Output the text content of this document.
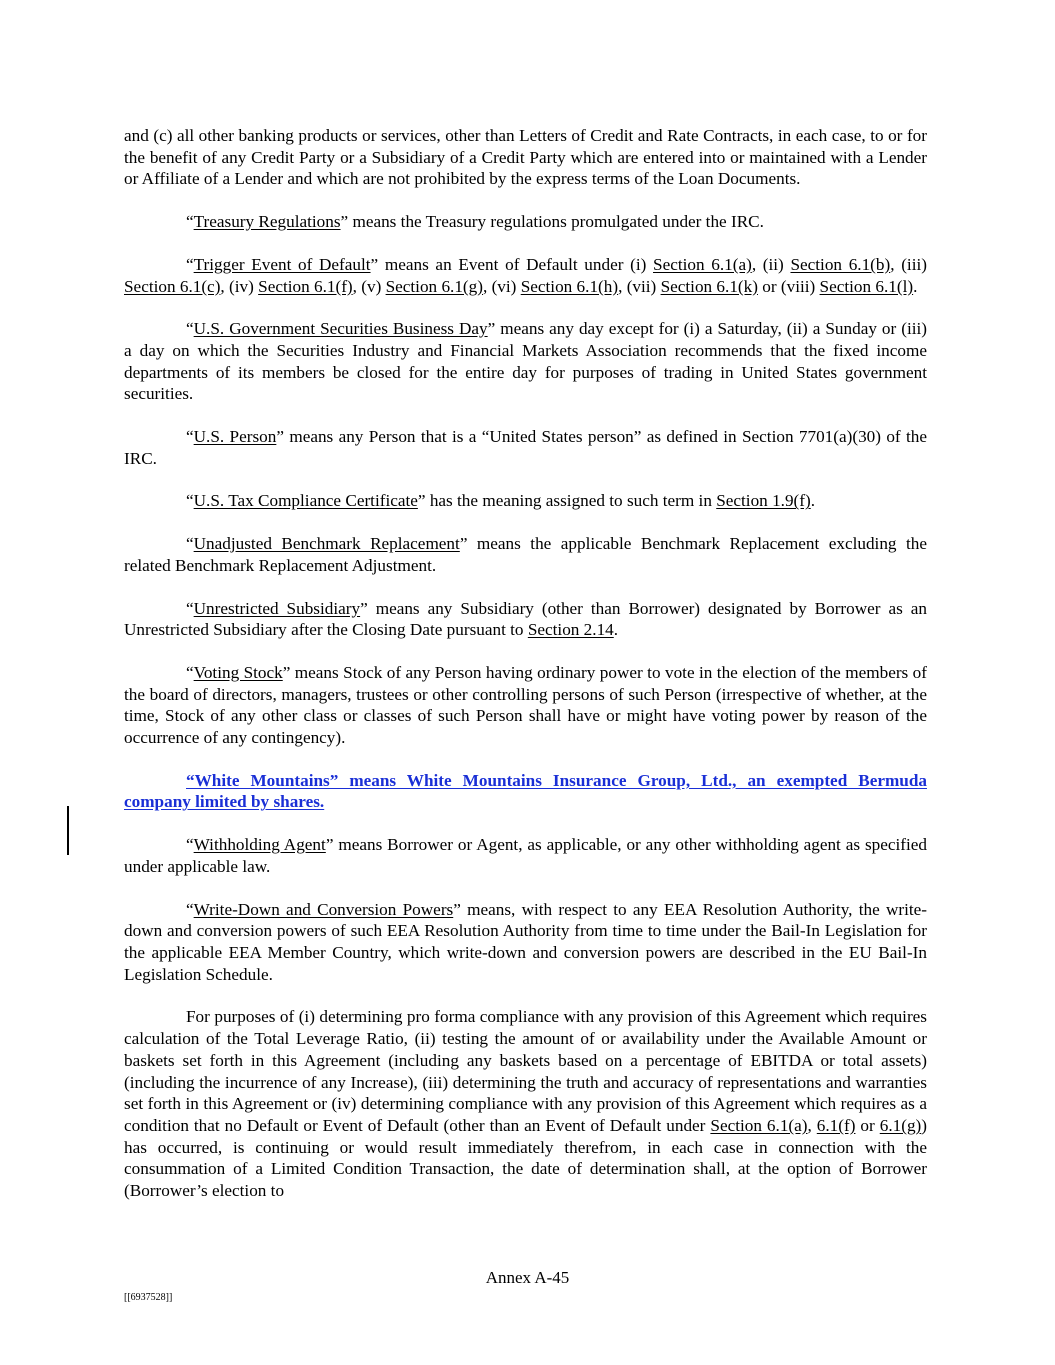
and (c) all other banking products or services, other than Letters of Credit and Rate Contracts, in each case, to or for the benefit of any Credit Party or a Subsidiary of a Credit Party which are entered into or maintained with a Lender or Affiliate of a Lender and which are not prohibited by the express terms of the Loan Documents.

“Treasury Regulations” means the Treasury regulations promulgated under the IRC.

“Trigger Event of Default” means an Event of Default under (i) Section 6.1(a), (ii) Section 6.1(b), (iii) Section 6.1(c), (iv) Section 6.1(f), (v) Section 6.1(g), (vi) Section 6.1(h), (vii) Section 6.1(k) or (viii) Section 6.1(l).

“U.S. Government Securities Business Day” means any day except for (i) a Saturday, (ii) a Sunday or (iii) a day on which the Securities Industry and Financial Markets Association recommends that the fixed income departments of its members be closed for the entire day for purposes of trading in United States government securities.

“U.S. Person” means any Person that is a “United States person” as defined in Section 7701(a)(30) of the IRC.

“U.S. Tax Compliance Certificate” has the meaning assigned to such term in Section 1.9(f).

“Unadjusted Benchmark Replacement” means the applicable Benchmark Replacement excluding the related Benchmark Replacement Adjustment.

“Unrestricted Subsidiary” means any Subsidiary (other than Borrower) designated by Borrower as an Unrestricted Subsidiary after the Closing Date pursuant to Section 2.14.

“Voting Stock” means Stock of any Person having ordinary power to vote in the election of the members of the board of directors, managers, trustees or other controlling persons of such Person (irrespective of whether, at the time, Stock of any other class or classes of such Person shall have or might have voting power by reason of the occurrence of any contingency).

“White Mountains” means White Mountains Insurance Group, Ltd., an exempted Bermuda company limited by shares.

“Withholding Agent” means Borrower or Agent, as applicable, or any other withholding agent as specified under applicable law.

“Write-Down and Conversion Powers” means, with respect to any EEA Resolution Authority, the write-down and conversion powers of such EEA Resolution Authority from time to time under the Bail-In Legislation for the applicable EEA Member Country, which write-down and conversion powers are described in the EU Bail-In Legislation Schedule.

For purposes of (i) determining pro forma compliance with any provision of this Agreement which requires calculation of the Total Leverage Ratio, (ii) testing the amount of or availability under the Available Amount or baskets set forth in this Agreement (including any baskets based on a percentage of EBITDA or total assets) (including the incurrence of any Increase), (iii) determining the truth and accuracy of representations and warranties set forth in this Agreement or (iv) determining compliance with any provision of this Agreement which requires as a condition that no Default or Event of Default (other than an Event of Default under Section 6.1(a), 6.1(f) or 6.1(g)) has occurred, is continuing or would result immediately therefrom, in each case in connection with the consummation of a Limited Condition Transaction, the date of determination shall, at the option of Borrower (Borrower’s election to

Annex A-45
[[6937528]]
